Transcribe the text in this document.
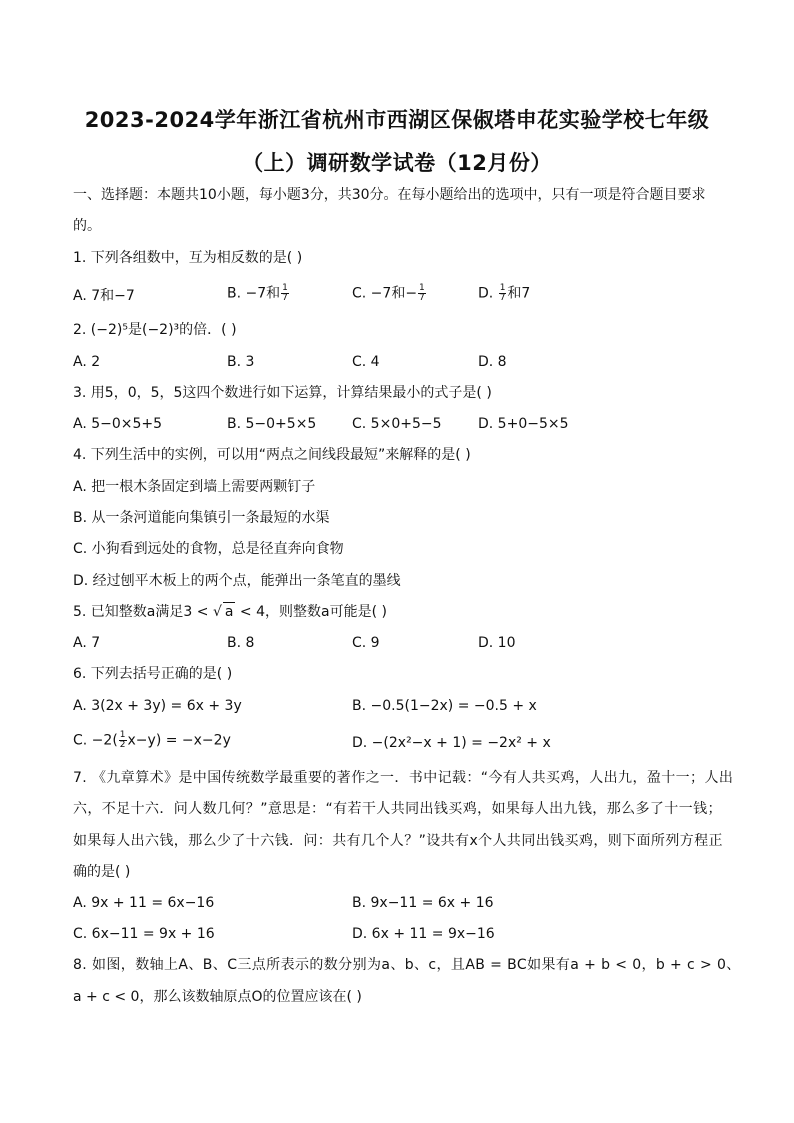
2023-2024学年浙江省杭州市西湖区保俶塔申花实验学校七年级
（上）调研数学试卷（12月份）
一、选择题：本题共10小题，每小题3分，共30分。在每小题给出的选项中，只有一项是符合题目要求
的。
1. 下列各组数中，互为相反数的是( )
A. 7和−7	B. −7和 $\frac{1}{7}$	C. −7和− $\frac{1}{7}$	D. $\frac{1}{7}$ 和7
2. (−2)⁵是(−2)³的倍．( )
A. 2	B. 3	C. 4	D. 8
3. 用5，0，5，5这四个数进行如下运算，计算结果最小的式子是( )
A. 5−0×5+5	B. 5−0+5×5	C. 5×0+5−5	D. 5+0−5×5
4. 下列生活中的实例，可以用“两点之间线段最短”来解释的是( )
A. 把一根木条固定到墙上需要两颗钉子
B. 从一条河道能向集镇引一条最短的水渠
C. 小狗看到远处的食物，总是径直奔向食物
D. 经过刨平木板上的两个点，能弹出一条笔直的墨线
5. 已知整数a满足3 < √ a < 4，则整数a可能是( )
A. 7	B. 8	C. 9	D. 10
6. 下列去括号正确的是( )
A. 3(2x + 3y) = 6x + 3y	B. −0.5(1−2x) = −0.5 + x
C. $-2( \frac{1}{2} x-y) = -x-2y$	D. −(2x²−x + 1) = −2x² + x
7. 《九章算术》是中国传统数学最重要的著作之一．书中记载：“今有人共买鸡，人出九，盈十一；人出
六，不足十六．问人数几何？”意思是：“有若干人共同出钱买鸡，如果每人出九钱，那么多了十一钱；
如果每人出六钱，那么少了十六钱．问：共有几个人？”设共有x个人共同出钱买鸡，则下面所列方程正
确的是( )
A. 9x + 11 = 6x−16	B. 9x−11 = 6x + 16
C. 6x−11 = 9x + 16	D. 6x + 11 = 9x−16
8. 如图，数轴上A、B、C三点所表示的数分别为a、b、c，且AB = BC如果有a + b < 0，b + c > 0、
a + c < 0，那么该数轴原点O的位置应该在( )
